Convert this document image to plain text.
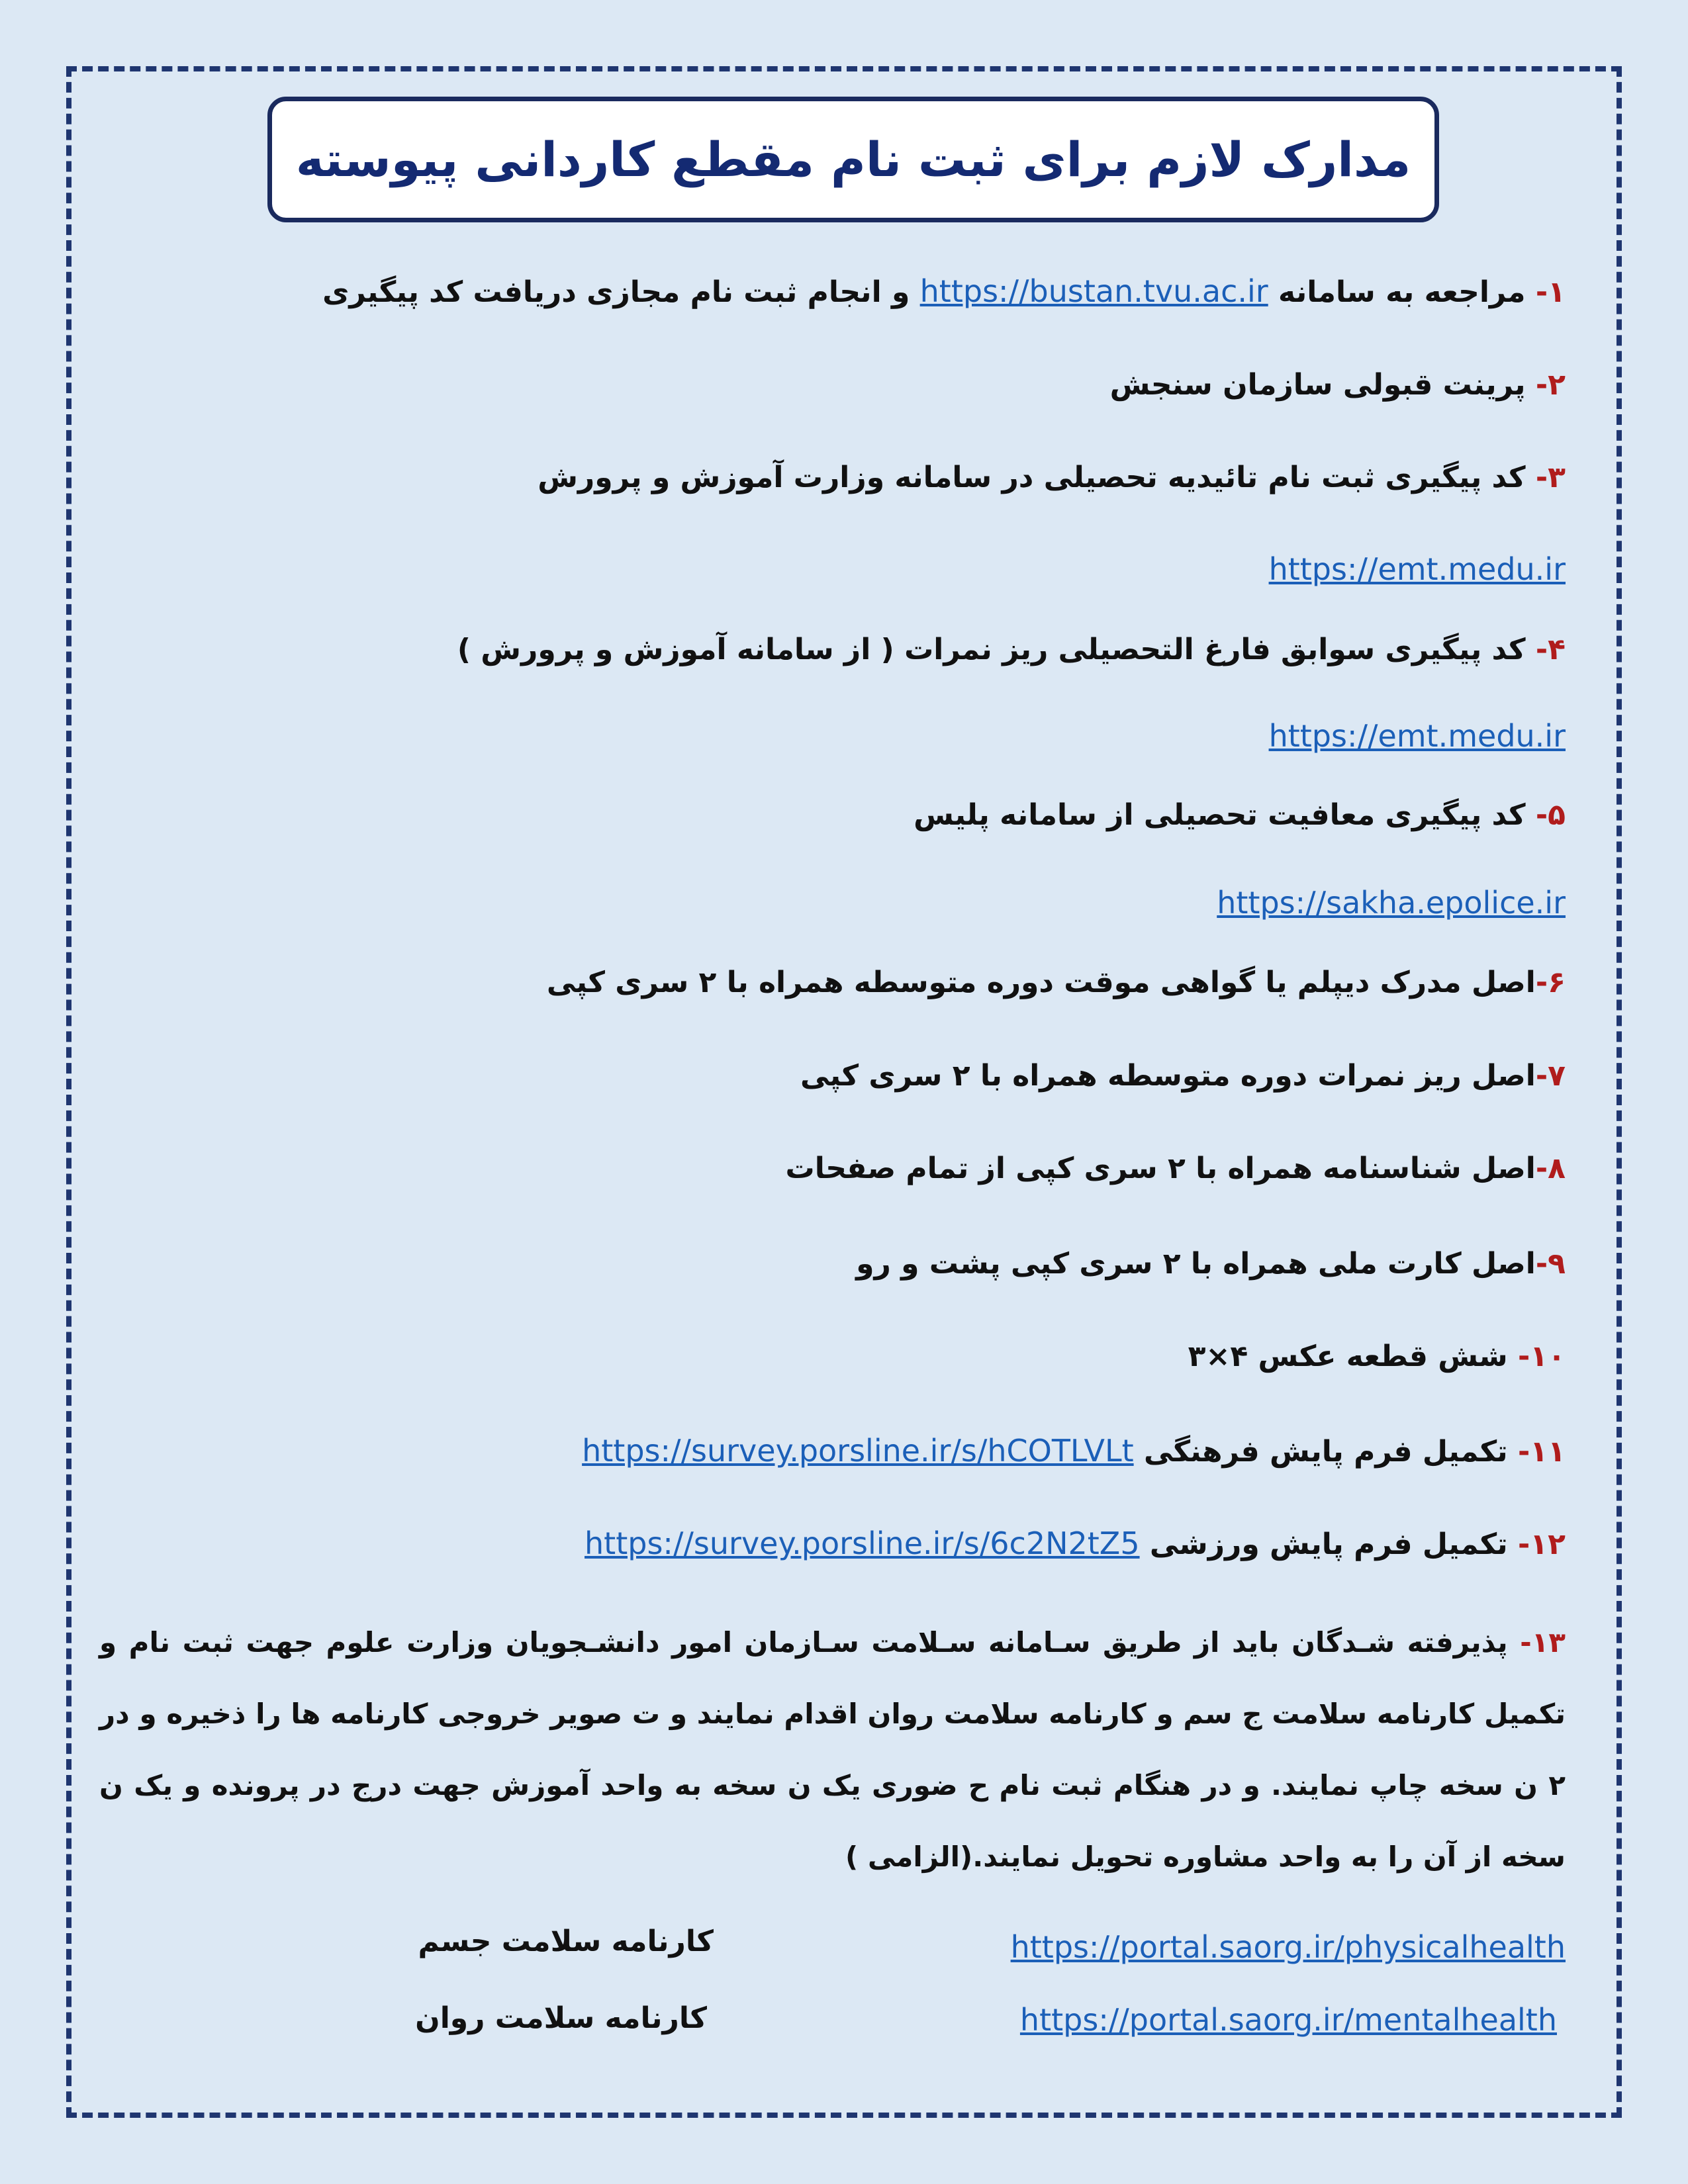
مدارک لازم برای ثبت نام مقطع کاردانی پیوسته
۱- مراجعه به سامانه https://bustan.tvu.ac.ir و انجام ثبت نام مجازی دریافت کد پیگیری
۲- پرینت قبولی سازمان سنجش
۳- کد پیگیری ثبت نام تائیدیه تحصیلی در سامانه وزارت آموزش و پرورش
https://emt.medu.ir
۴- کد پیگیری سوابق فارغ التحصیلی ریز نمرات ( از سامانه آموزش و پرورش )
https://emt.medu.ir
۵- کد پیگیری معافیت تحصیلی از سامانه پلیس
https://sakha.epolice.ir
۶-اصل مدرک دیپلم یا گواهی موقت دوره متوسطه همراه با ۲ سری کپی
۷-اصل ریز نمرات دوره متوسطه همراه با ۲ سری کپی
۸-اصل شناسنامه همراه با ۲ سری کپی از تمام صفحات
۹-اصل کارت ملی همراه با ۲ سری کپی پشت و رو
۱۰- شش قطعه عکس ۴×۳
۱۱- تکمیل فرم پایش فرهنگی https://survey.porsline.ir/s/hCOTLVLt
۱۲- تکمیل فرم پایش ورزشی https://survey.porsline.ir/s/6c2N2tZ5
۱۳- پذیرفته شـدگان باید از طریق سـامانه سـلامت سـازمان امور دانشـجویان وزارت علوم جهت ثبت نام و تکمیل کارنامه سلامت ج سم و کارنامه سلامت روان اقدام نمایند و ت صویر خروجی کارنامه ها را ذخیره و در ۲ ن سخه چاپ نمایند. و در هنگام ثبت نام ح ضوری یک ن سخه به واحد آموزش جهت درج در پرونده و یک ن سخه از آن را به واحد مشاوره تحویل نمایند.(الزامی )
https://portal.saorg.ir/physicalhealth
کارنامه سلامت جسم
https://portal.saorg.ir/mentalhealth
کارنامه سلامت روان
